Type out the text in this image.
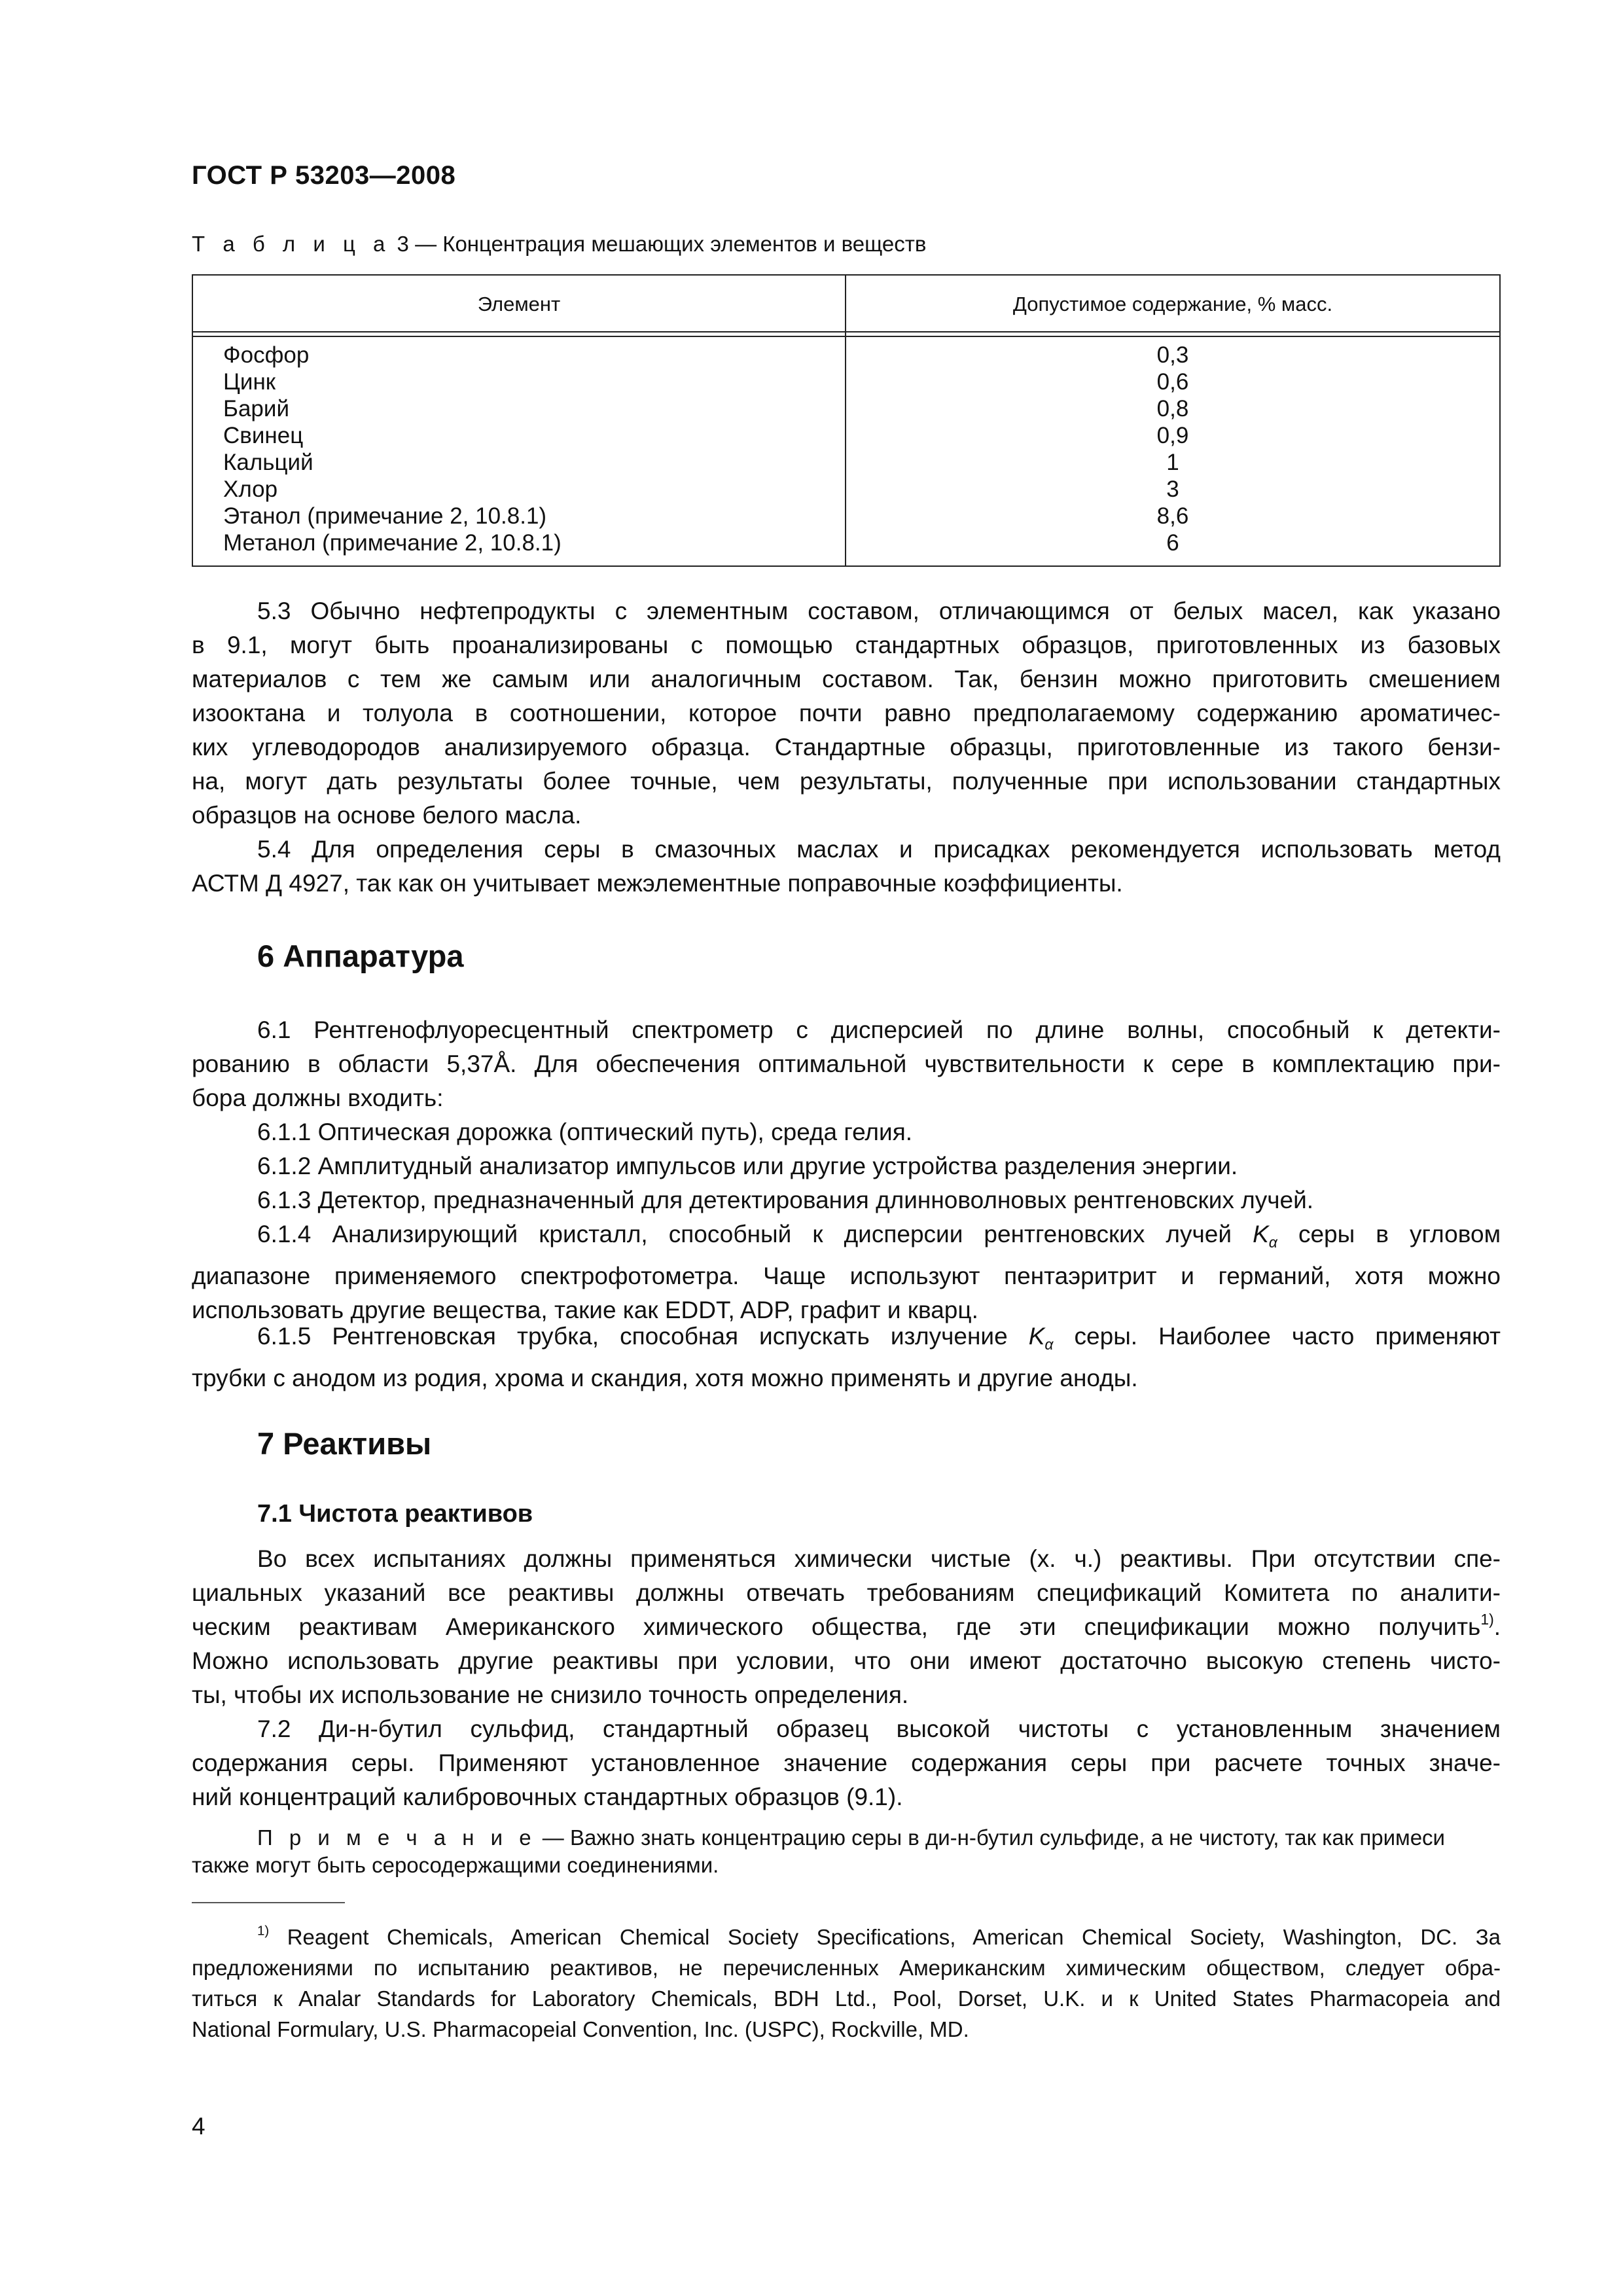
ГОСТ Р 53203—2008
Т а б л и ц а 3 — Концентрация мешающих элементов и веществ
Элемент	Допустимое содержание, % масс.
Фосфор
Цинк
Барий
Свинец
Кальций
Хлор
Этанол (примечание 2, 10.8.1)
Метанол (примечание 2, 10.8.1)
0,3
0,6
0,8
0,9
1
3
8,6
6
5.3 Обычно нефтепродукты с элементным составом, отличающимся от белых масел, как указано
в 9.1, могут быть проанализированы с помощью стандартных образцов, приготовленных из базовых
материалов с тем же самым или аналогичным составом. Так, бензин можно приготовить смешением
изооктана и толуола в соотношении, которое почти равно предполагаемому содержанию ароматичес-
ких углеводородов анализируемого образца. Стандартные образцы, приготовленные из такого бензи-
на, могут дать результаты более точные, чем результаты, полученные при использовании стандартных
образцов на основе белого масла.
5.4 Для определения серы в смазочных маслах и присадках рекомендуется использовать метод
АСТМ Д 4927, так как он учитывает межэлементные поправочные коэффициенты.
6 Аппаратура
6.1 Рентгенофлуоресцентный спектрометр с дисперсией по длине волны, способный к детекти-
рованию в области 5,37Å. Для обеспечения оптимальной чувствительности к сере в комплектацию при-
бора должны входить:
6.1.1 Оптическая дорожка (оптический путь), среда гелия.
6.1.2 Амплитудный анализатор импульсов или другие устройства разделения энергии.
6.1.3 Детектор, предназначенный для детектирования длинноволновых рентгеновских лучей.
6.1.4 Анализирующий кристалл, способный к дисперсии рентгеновских лучей $K_\alpha$ серы в угловом
диапазоне применяемого спектрофотометра. Чаще используют пентаэритрит и германий, хотя можно
использовать другие вещества, такие как EDDT, ADP, графит и кварц.
6.1.5 Рентгеновская трубка, способная испускать излучение $K_\alpha$ серы. Наиболее часто применяют
трубки с анодом из родия, хрома и скандия, хотя можно применять и другие аноды.
7 Реактивы
7.1 Чистота реактивов
Во всех испытаниях должны применяться химически чистые (х. ч.) реактивы. При отсутствии спе-
циальных указаний все реактивы должны отвечать требованиям спецификаций Комитета по аналити-
ческим реактивам Американского химического общества, где эти спецификации можно получить$^{1)}$.
Можно использовать другие реактивы при условии, что они имеют достаточно высокую степень чисто-
ты, чтобы их использование не снизило точность определения.
7.2 Ди-н-бутил сульфид, стандартный образец высокой чистоты с установленным значением
содержания серы. Применяют установленное значение содержания серы при расчете точных значе-
ний концентраций калибровочных стандартных образцов (9.1).
П р и м е ч а н и е — Важно знать концентрацию серы в ди-н-бутил сульфиде, а не чистоту, так как примеси
также могут быть серосодержащими соединениями.
$^{1)}$ Reagent Chemicals, American Chemical Society Specifications, American Chemical Society, Washington, DC. За
предложениями по испытанию реактивов, не перечисленных Американским химическим обществом, следует обра-
титься к Analar Standards for Laboratory Chemicals, BDH Ltd., Pool, Dorset, U.K. и к United States Pharmacopeia and
National Formulary, U.S. Pharmacopeial Convention, Inc. (USPC), Rockville, MD.
4
